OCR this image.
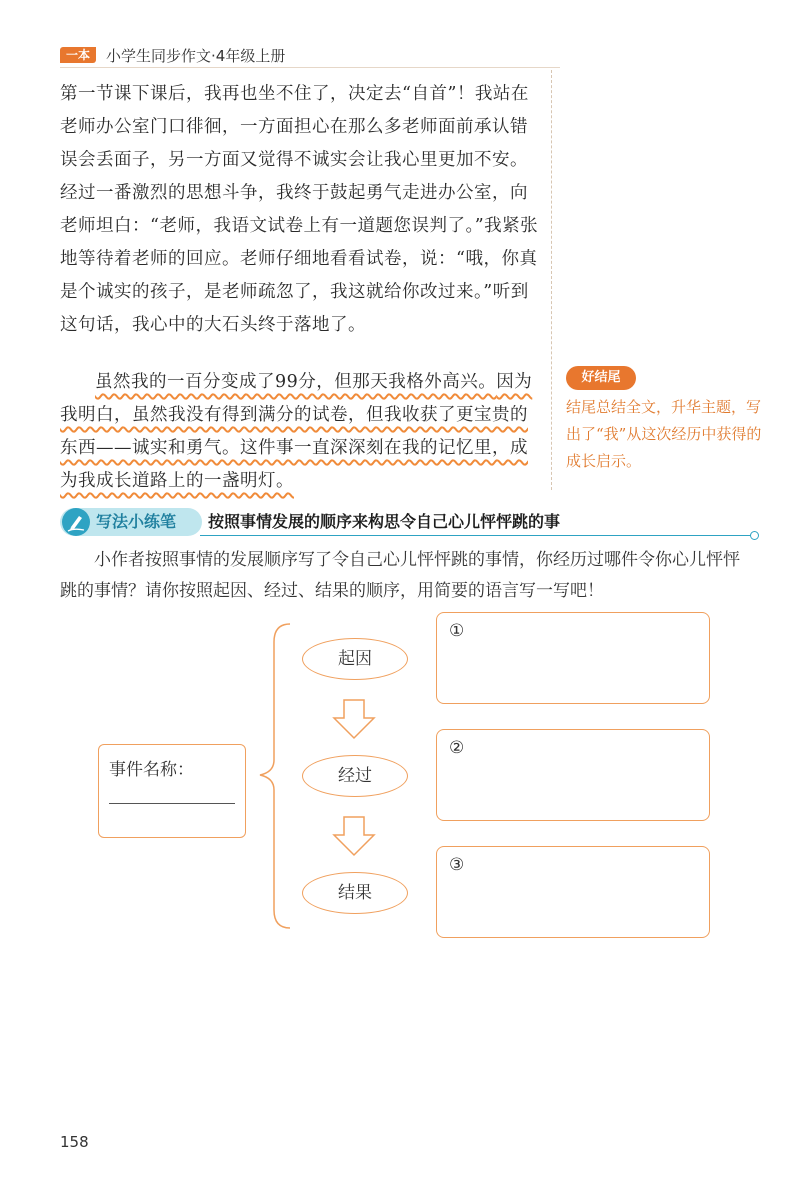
一本	小学生同步作文·4年级上册

第一节课下课后，我再也坐不住了，决定去“自首”！我站在老师办公室门口徘徊，一方面担心在那么多老师面前承认错误会丢面子，另一方面又觉得不诚实会让我心里更加不安。经过一番激烈的思想斗争，我终于鼓起勇气走进办公室，向老师坦白：“老师，我语文试卷上有一道题您误判了。”我紧张地等待着老师的回应。老师仔细地看看试卷，说：“哦，你真是个诚实的孩子，是老师疏忽了，我这就给你改过来。”听到这句话，我心中的大石头终于落地了。

虽然我的一百分变成了99分，但那天我格外高兴。因为我明白，虽然我没有得到满分的试卷，但我收获了更宝贵的东西——诚实和勇气。这件事一直深深刻在我的记忆里，成为我成长道路上的一盏明灯。

好结尾
结尾总结全文，升华主题，写出了“我”从这次经历中获得的成长启示。
写法小练笔 按照事情发展的顺序来构思令自己心儿怦怦跳的事
小作者按照事情的发展顺序写了令自己心儿怦怦跳的事情，你经历过哪件令你心儿怦怦跳的事情？请你按照起因、经过、结果的顺序，用简要的语言写一写吧！
事件名称：
起因
经过
结果
①
②
③
158
